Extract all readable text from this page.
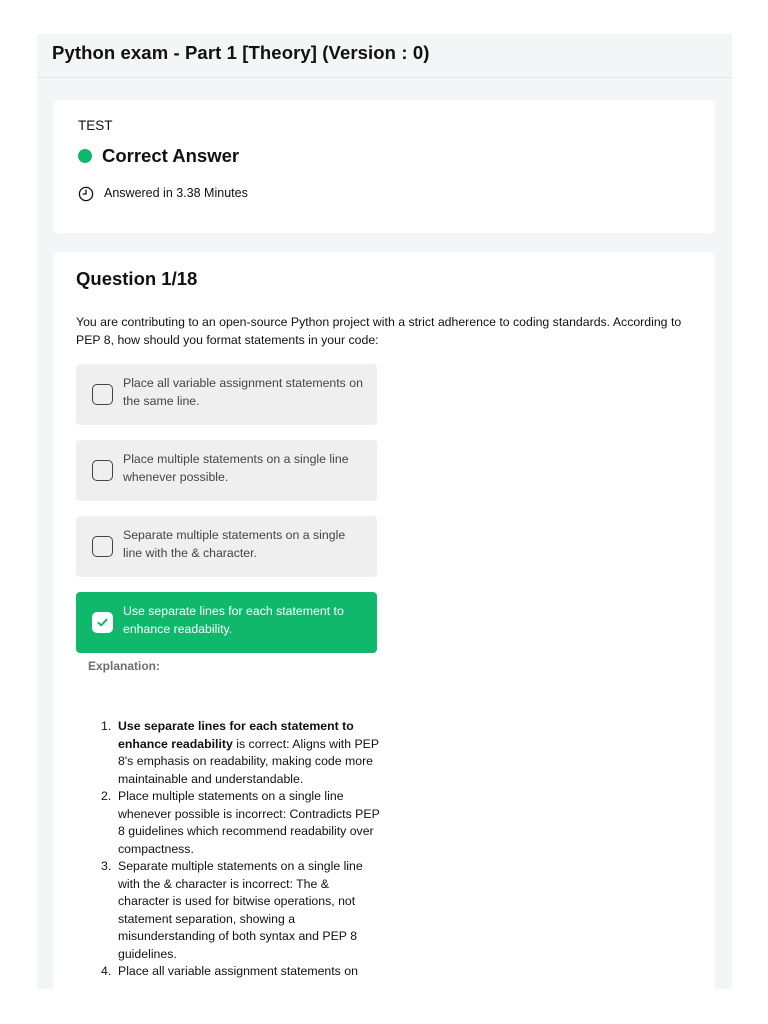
Python exam - Part 1 [Theory] (Version : 0)
TEST
Correct Answer
Answered in 3.38 Minutes
Question 1/18
You are contributing to an open-source Python project with a strict adherence to coding standards. According to PEP 8, how should you format statements in your code:
Place all variable assignment statements on the same line.
Place multiple statements on a single line whenever possible.
Separate multiple statements on a single line with the & character.
Use separate lines for each statement to enhance readability.
Explanation:
1. Use separate lines for each statement to enhance readability is correct: Aligns with PEP 8's emphasis on readability, making code more maintainable and understandable.
2. Place multiple statements on a single line whenever possible is incorrect: Contradicts PEP 8 guidelines which recommend readability over compactness.
3. Separate multiple statements on a single line with the & character is incorrect: The & character is used for bitwise operations, not statement separation, showing a misunderstanding of both syntax and PEP 8 guidelines.
4. Place all variable assignment statements on
